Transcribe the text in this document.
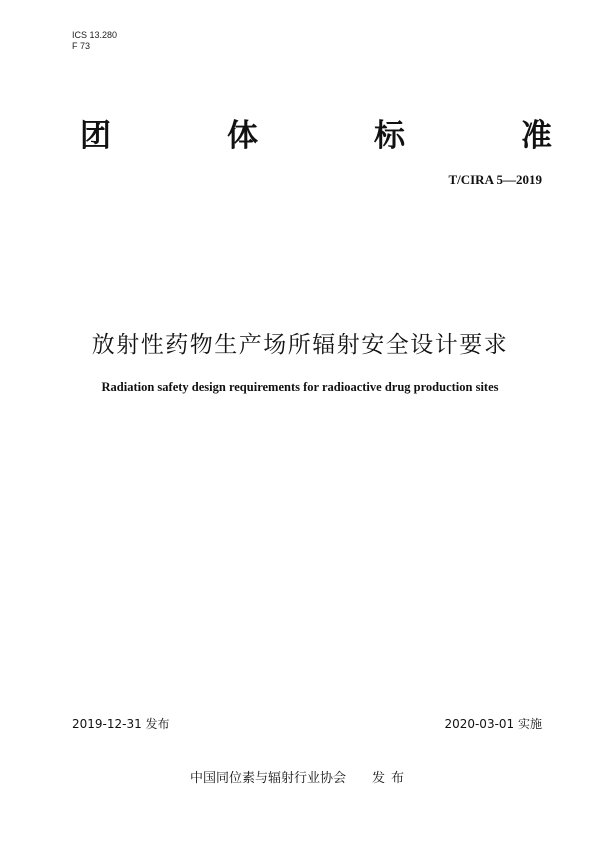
ICS 13.280
F 73
团	体	标	准
T/CIRA 5—2019
放射性药物生产场所辐射安全设计要求
Radiation safety design requirements for radioactive drug production sites
2019-12-31 发布	2020-03-01 实施
中国同位素与辐射行业协会 发布
